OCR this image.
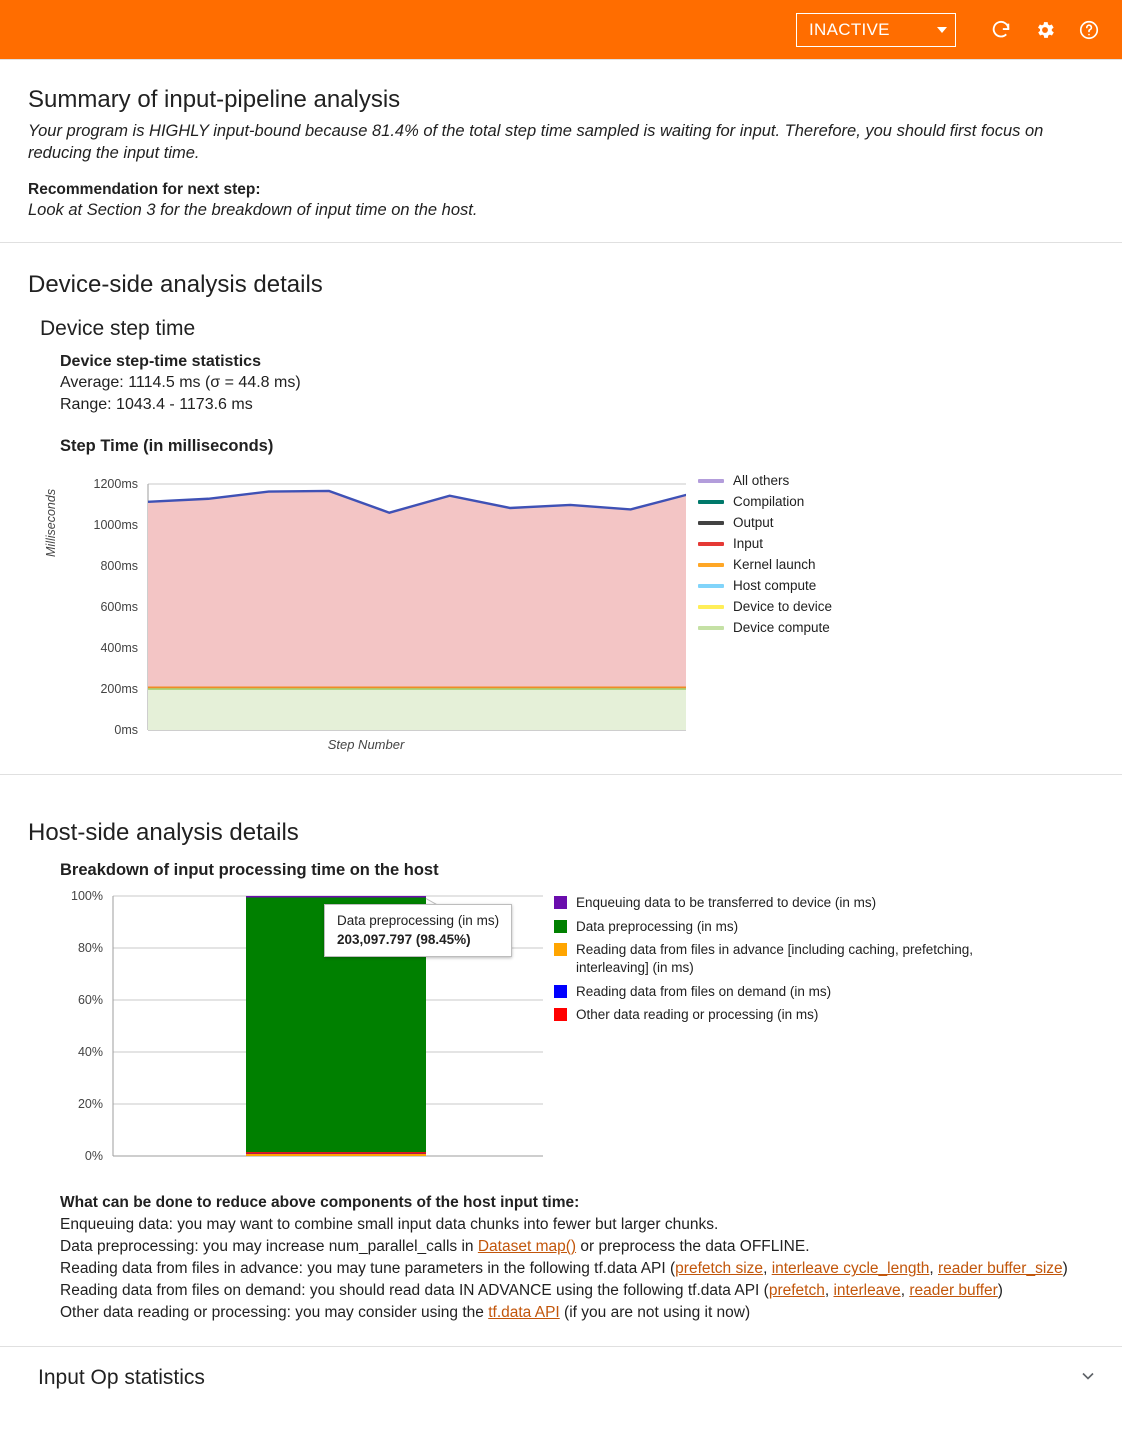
INACTIVE
Summary of input-pipeline analysis

Your program is HIGHLY input-bound because 81.4% of the total step time sampled is waiting for input. Therefore, you should first focus on reducing the input time.

Recommendation for next step:
Look at Section 3 for the breakdown of input time on the host.
Device-side analysis details
Device step time
Device step-time statistics
Average: 1114.5 ms (σ = 44.8 ms)
Range: 1043.4 - 1173.6 ms
Step Time (in milliseconds)
Milliseconds
0ms
200ms
400ms
600ms
800ms
1000ms
1200ms
Step Number
All others
Compilation
Output
Input
Kernel launch
Host compute
Device to device
Device compute
Host-side analysis details
Breakdown of input processing time on the host
0%
20%
40%
60%
80%
100%
Data preprocessing (in ms)
203,097.797 (98.45%)
Enqueuing data to be transferred to device (in ms)
Data preprocessing (in ms)
Reading data from files in advance [including caching, prefetching, interleaving] (in ms)
Reading data from files on demand (in ms)
Other data reading or processing (in ms)
What can be done to reduce above components of the host input time:
Enqueuing data: you may want to combine small input data chunks into fewer but larger chunks.
Data preprocessing: you may increase num_parallel_calls in Dataset map() or preprocess the data OFFLINE.
Reading data from files in advance: you may tune parameters in the following tf.data API (prefetch size, interleave cycle_length, reader buffer_size)
Reading data from files on demand: you should read data IN ADVANCE using the following tf.data API (prefetch, interleave, reader buffer)
Other data reading or processing: you may consider using the tf.data API (if you are not using it now)
Input Op statistics
